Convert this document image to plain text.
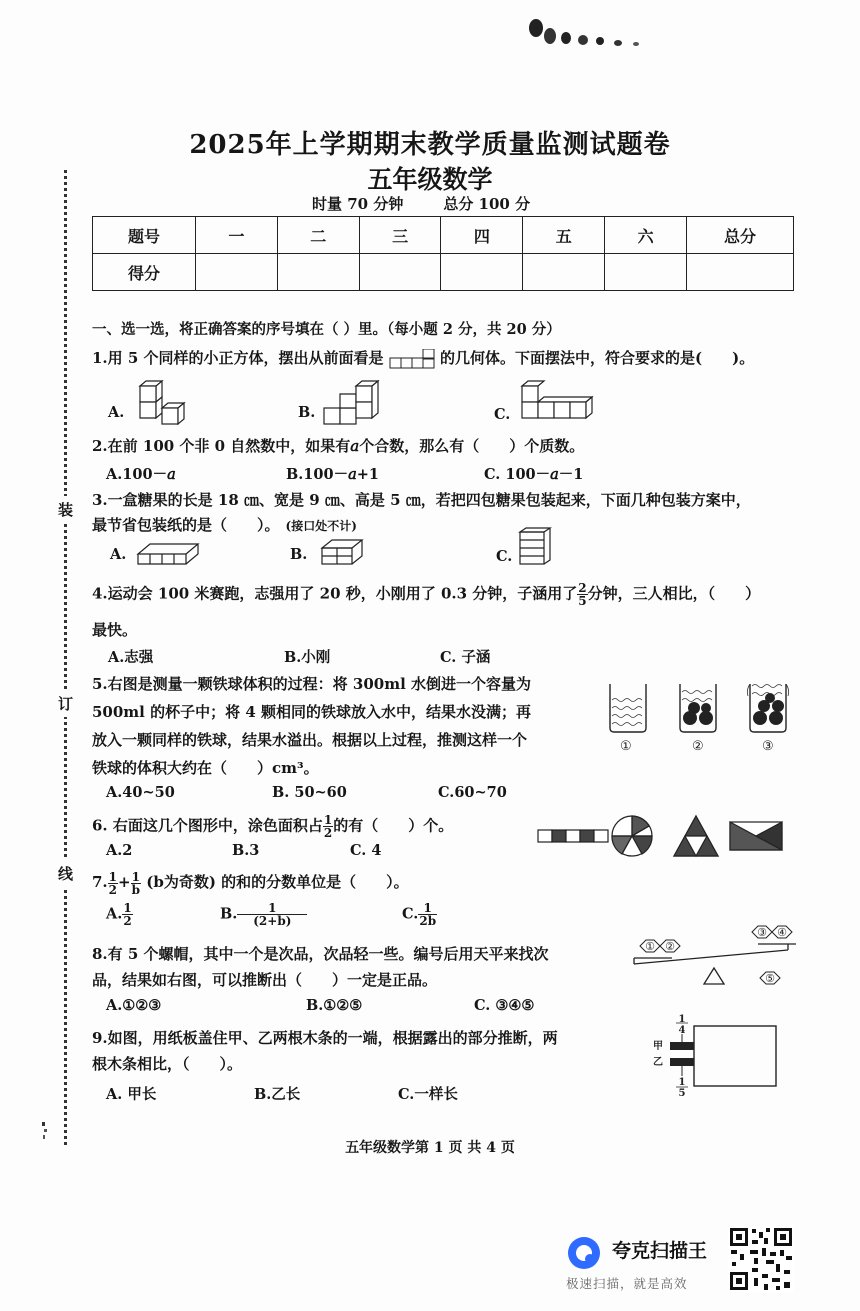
装
订
线
2025年上学期期末教学质量监测试题卷
五年级数学
时量 70 分钟	总分 100 分
题号	一	二	三	四	五	六	总分
得分							
一、选一选，将正确答案的序号填在（ ）里。（每小题 2 分，共 20 分）
1.用 5 个同样的小正方体，摆出从前面看是	的几何体。下面摆法中，符合要求的是(　　)。
A.	B.	C.
2.在前 100 个非 0 自然数中，如果有𝑎个合数，那么有（　　）个质数。
A.100－𝑎	B.100－𝑎+1	C. 100－𝑎－1
3.一盒糖果的长是 18 ㎝、宽是 9 ㎝、高是 5 ㎝，若把四包糖果包装起来，下面几种包装方案中，
最节省包装纸的是（　　）。 (接口处不计)
A.	B.	C.
4.运动会 100 米赛跑，志强用了 20 秒，小刚用了 0.3 分钟，子涵用了 $\frac{2}{5}$ 分钟，三人相比，（　　）
最快。
A.志强	B.小刚	C. 子涵
5.右图是测量一颗铁球体积的过程：将 300ml 水倒进一个容量为
500ml 的杯子中；将 4 颗相同的铁球放入水中，结果水没满；再
放入一颗同样的铁球，结果水溢出。根据以上过程，推测这样一个
铁球的体积大约在（　　）cm³。
A.40~50	B. 50~60	C.60~70
①	②	③
6. 右面这几个图形中，涂色面积占 $\frac{1}{2}$ 的有（　　）个。
A.2	B.3	C. 4
7. $\frac{1}{2} + \frac{1}{b} (b$为奇数) 的和的分数单位是（　　）。
A. $\frac{1}{2}$	B. $\frac{1}{(2+b)}$	C. $\frac{1}{2b}$
8.有 5 个螺帽，其中一个是次品，次品轻一些。编号后用天平来找次
品，结果如右图，可以推断出（　　）一定是正品。
A.①②③	B.①②⑤	C. ③④⑤
① ②
③ ④
⑤
9.如图，用纸板盖住甲、乙两根木条的一端，根据露出的部分推断，两
根木条相比，（　　）。
A. 甲长	B.乙长	C.一样长
1
4
1
5
甲
乙
五年级数学第 1 页 共 4 页
夸克扫描王
极速扫描，就是高效
